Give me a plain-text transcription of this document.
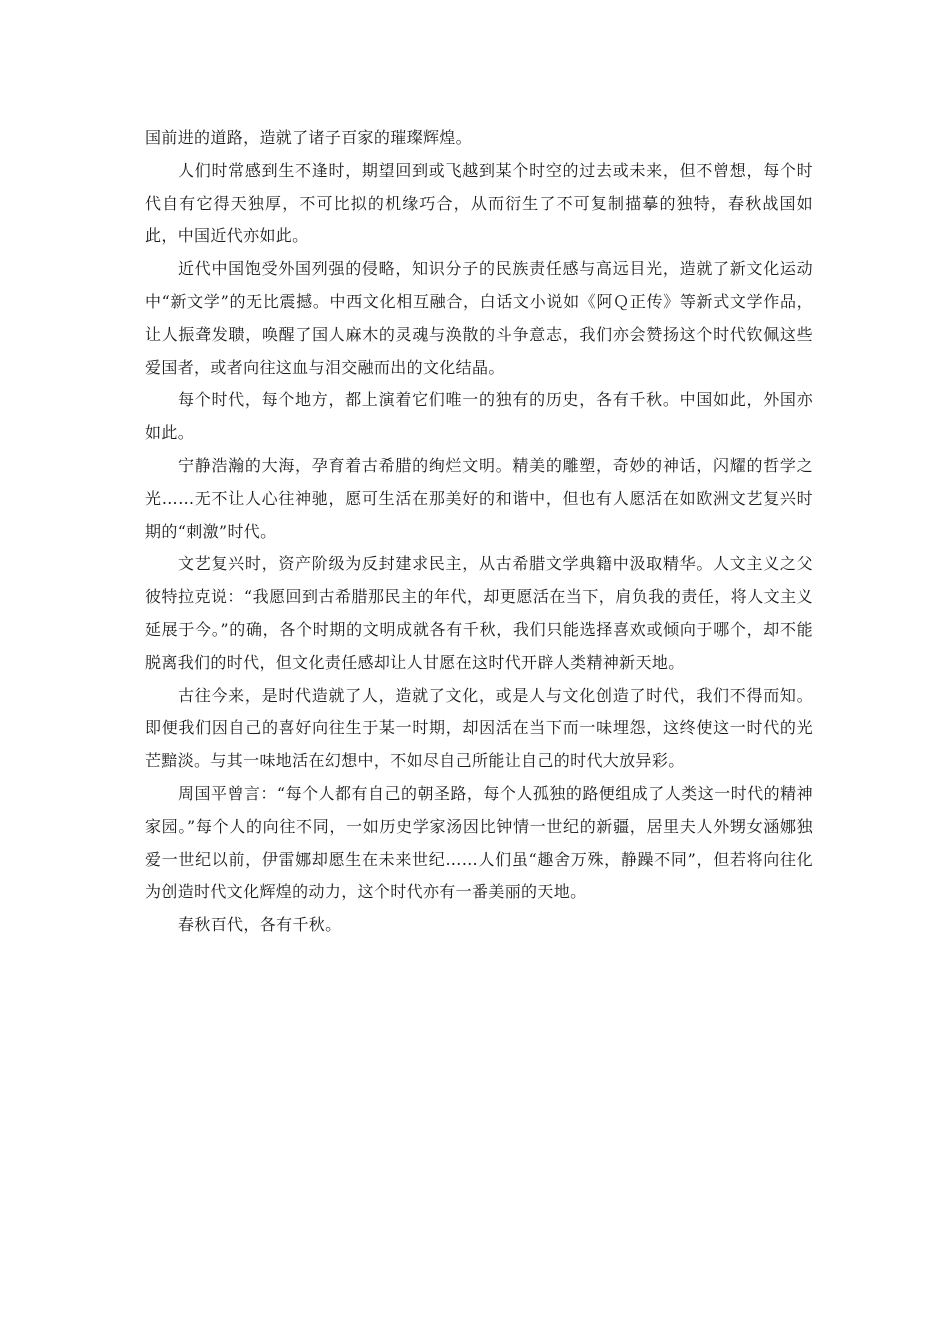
国前进的道路，造就了诸子百家的璀璨辉煌。

人们时常感到生不逢时，期望回到或飞越到某个时空的过去或未来，但不曾想，每个时代自有它得天独厚，不可比拟的机缘巧合，从而衍生了不可复制描摹的独特，春秋战国如此，中国近代亦如此。

近代中国饱受外国列强的侵略，知识分子的民族责任感与高远目光，造就了新文化运动中“新文学”的无比震撼。中西文化相互融合，白话文小说如《阿Ｑ正传》等新式文学作品，让人振聋发聩，唤醒了国人麻木的灵魂与涣散的斗争意志，我们亦会赞扬这个时代钦佩这些爱国者，或者向往这血与泪交融而出的文化结晶。

每个时代，每个地方，都上演着它们唯一的独有的历史，各有千秋。中国如此，外国亦如此。

宁静浩瀚的大海，孕育着古希腊的绚烂文明。精美的雕塑，奇妙的神话，闪耀的哲学之光……无不让人心往神驰，愿可生活在那美好的和谐中，但也有人愿活在如欧洲文艺复兴时期的“刺激”时代。

文艺复兴时，资产阶级为反封建求民主，从古希腊文学典籍中汲取精华。人文主义之父彼特拉克说：“我愿回到古希腊那民主的年代，却更愿活在当下，肩负我的责任，将人文主义延展于今。”的确，各个时期的文明成就各有千秋，我们只能选择喜欢或倾向于哪个，却不能脱离我们的时代，但文化责任感却让人甘愿在这时代开辟人类精神新天地。

古往今来，是时代造就了人，造就了文化，或是人与文化创造了时代，我们不得而知。即便我们因自己的喜好向往生于某一时期，却因活在当下而一味埋怨，这终使这一时代的光芒黯淡。与其一味地活在幻想中，不如尽自己所能让自己的时代大放异彩。

周国平曾言：“每个人都有自己的朝圣路，每个人孤独的路便组成了人类这一时代的精神家园。”每个人的向往不同，一如历史学家汤因比钟情一世纪的新疆，居里夫人外甥女涵娜独爱一世纪以前，伊雷娜却愿生在未来世纪……人们虽“趣舍万殊，静躁不同”，但若将向往化为创造时代文化辉煌的动力，这个时代亦有一番美丽的天地。

春秋百代，各有千秋。
